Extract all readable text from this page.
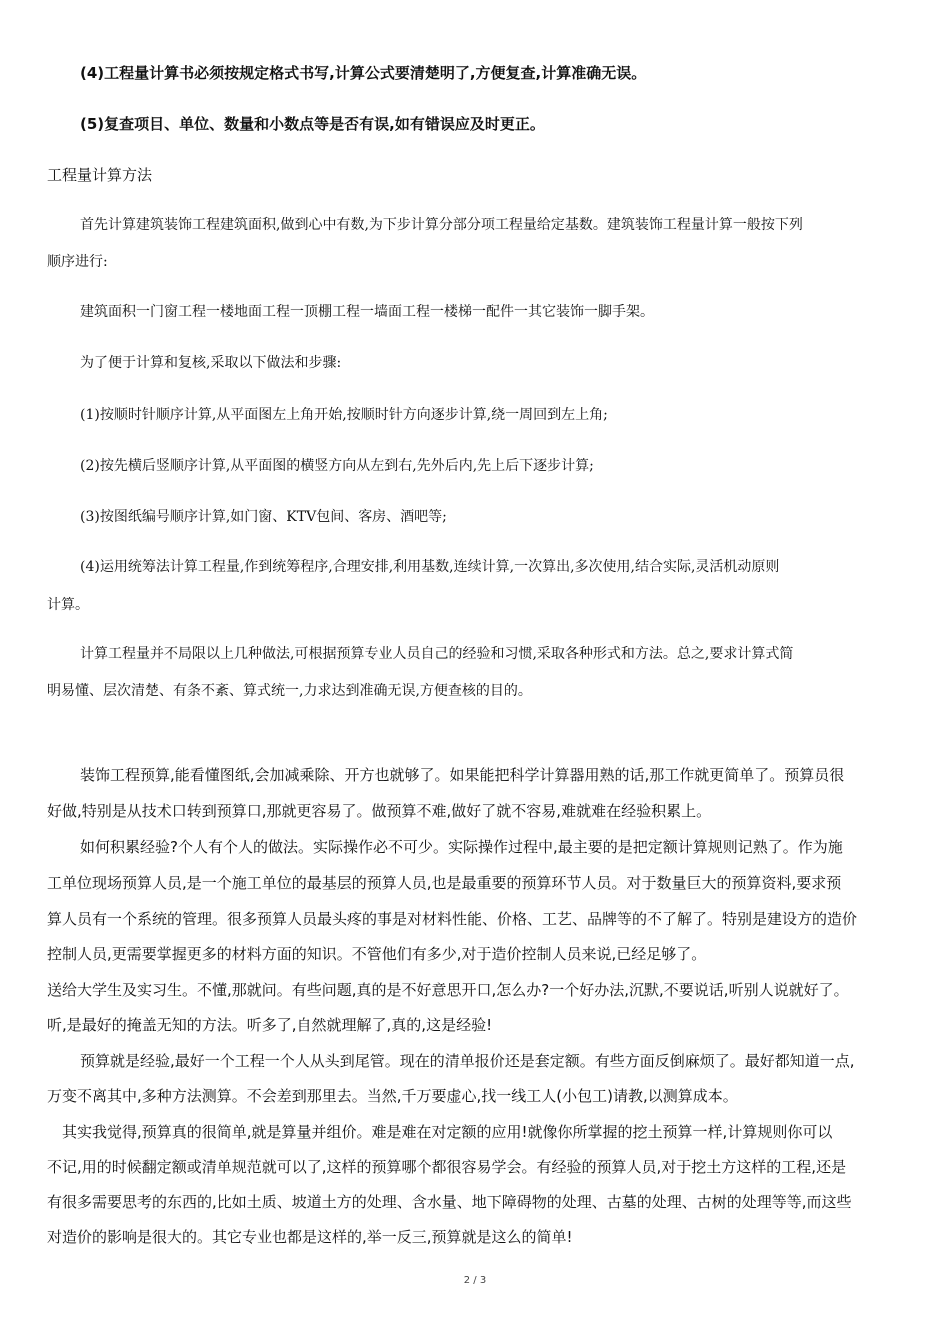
(4)工程量计算书必须按规定格式书写,计算公式要清楚明了,方便复查,计算准确无误。

(5)复查项目、单位、数量和小数点等是否有误,如有错误应及时更正。

工程量计算方法

首先计算建筑装饰工程建筑面积,做到心中有数,为下步计算分部分项工程量给定基数。建筑装饰工程量计算一般按下列

顺序进行:

建筑面积一门窗工程一楼地面工程一顶棚工程一墙面工程一楼梯一配件一其它装饰一脚手架。

为了便于计算和复核,采取以下做法和步骤:

(1)按顺时针顺序计算,从平面图左上角开始,按顺时针方向逐步计算,绕一周回到左上角;

(2)按先横后竖顺序计算,从平面图的横竖方向从左到右,先外后内,先上后下逐步计算;

(3)按图纸编号顺序计算,如门窗、KTV包间、客房、酒吧等;

(4)运用统筹法计算工程量,作到统筹程序,合理安排,利用基数,连续计算,一次算出,多次使用,结合实际,灵活机动原则

计算。

计算工程量并不局限以上几种做法,可根据预算专业人员自己的经验和习惯,采取各种形式和方法。总之,要求计算式简

明易懂、层次清楚、有条不紊、算式统一,力求达到准确无误,方便查核的目的。

装饰工程预算,能看懂图纸,会加减乘除、开方也就够了。如果能把科学计算器用熟的话,那工作就更简单了。预算员很

好做,特别是从技术口转到预算口,那就更容易了。做预算不难,做好了就不容易,难就难在经验积累上。

如何积累经验?个人有个人的做法。实际操作必不可少。实际操作过程中,最主要的是把定额计算规则记熟了。作为施

工单位现场预算人员,是一个施工单位的最基层的预算人员,也是最重要的预算环节人员。对于数量巨大的预算资料,要求预

算人员有一个系统的管理。很多预算人员最头疼的事是对材料性能、价格、工艺、品牌等的不了解了。特别是建设方的造价

控制人员,更需要掌握更多的材料方面的知识。不管他们有多少,对于造价控制人员来说,已经足够了。

送给大学生及实习生。不懂,那就问。有些问题,真的是不好意思开口,怎么办?一个好办法,沉默,不要说话,听别人说就好了。

听,是最好的掩盖无知的方法。听多了,自然就理解了,真的,这是经验!

预算就是经验,最好一个工程一个人从头到尾管。现在的清单报价还是套定额。有些方面反倒麻烦了。最好都知道一点,

万变不离其中,多种方法测算。不会差到那里去。当然,千万要虚心,找一线工人(小包工)请教,以测算成本。

其实我觉得,预算真的很简单,就是算量并组价。难是难在对定额的应用!就像你所掌握的挖土预算一样,计算规则你可以

不记,用的时候翻定额或清单规范就可以了,这样的预算哪个都很容易学会。有经验的预算人员,对于挖土方这样的工程,还是

有很多需要思考的东西的,比如土质、坡道土方的处理、含水量、地下障碍物的处理、古墓的处理、古树的处理等等,而这些

对造价的影响是很大的。其它专业也都是这样的,举一反三,预算就是这么的简单!

2 / 3
